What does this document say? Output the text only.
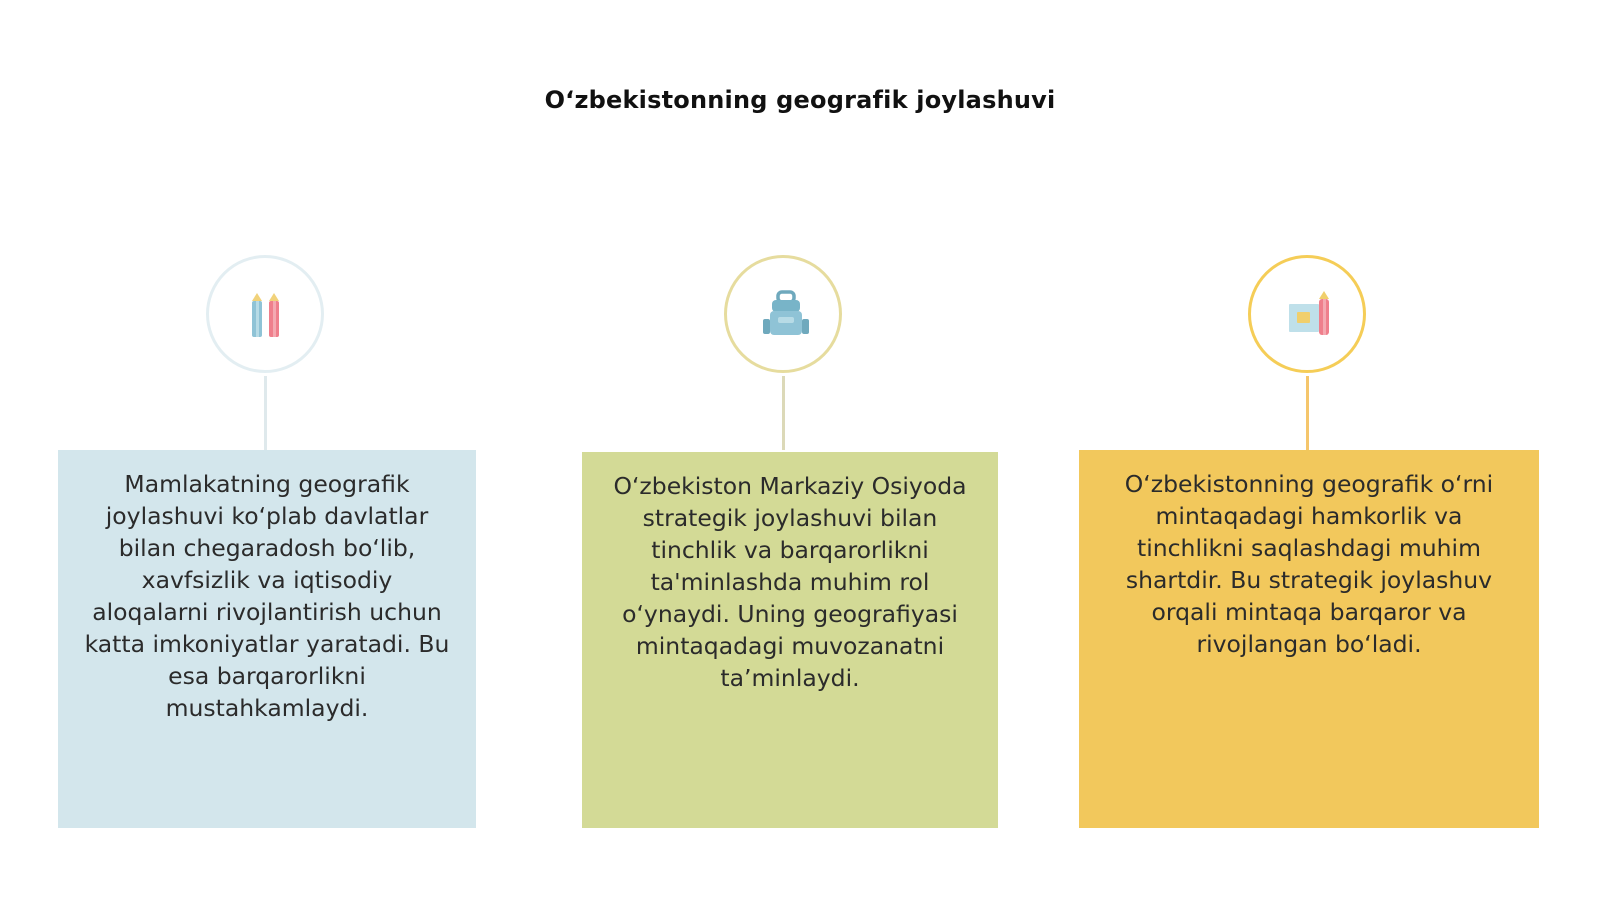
O‘zbekistonning geografik joylashuvi

Mamlakatning geografik joylashuvi ko‘plab davlatlar bilan chegaradosh bo‘lib, xavfsizlik va iqtisodiy aloqalarni rivojlantirish uchun katta imkoniyatlar yaratadi. Bu esa barqarorlikni mustahkamlaydi.

O‘zbekiston Markaziy Osiyoda strategik joylashuvi bilan tinchlik va barqarorlikni ta'minlashda muhim rol o‘ynaydi. Uning geografiyasi mintaqadagi muvozanatni ta’minlaydi.

O‘zbekistonning geografik o‘rni mintaqadagi hamkorlik va tinchlikni saqlashdagi muhim shartdir. Bu strategik joylashuv orqali mintaqa barqaror va rivojlangan bo‘ladi.
